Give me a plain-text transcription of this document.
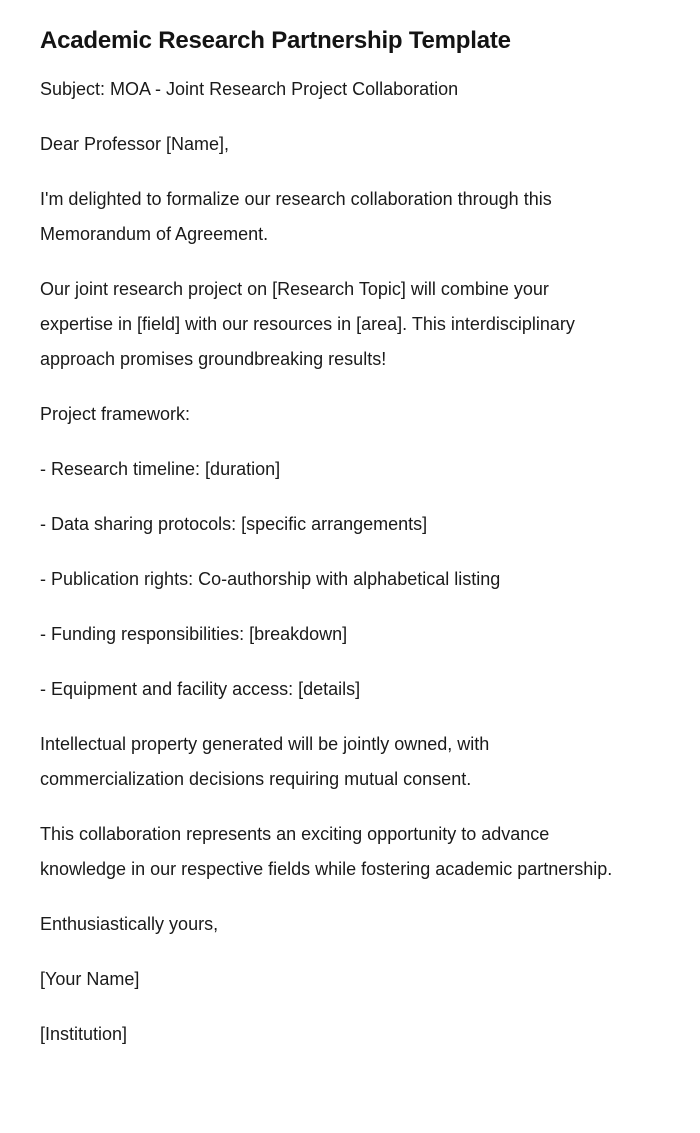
Academic Research Partnership Template

Subject: MOA - Joint Research Project Collaboration

Dear Professor [Name],

I'm delighted to formalize our research collaboration through this Memorandum of Agreement.

Our joint research project on [Research Topic] will combine your expertise in [field] with our resources in [area]. This interdisciplinary approach promises groundbreaking results!

Project framework:

- Research timeline: [duration]

- Data sharing protocols: [specific arrangements]

- Publication rights: Co-authorship with alphabetical listing

- Funding responsibilities: [breakdown]

- Equipment and facility access: [details]

Intellectual property generated will be jointly owned, with commercialization decisions requiring mutual consent.

This collaboration represents an exciting opportunity to advance knowledge in our respective fields while fostering academic partnership.

Enthusiastically yours,

[Your Name]

[Institution]
